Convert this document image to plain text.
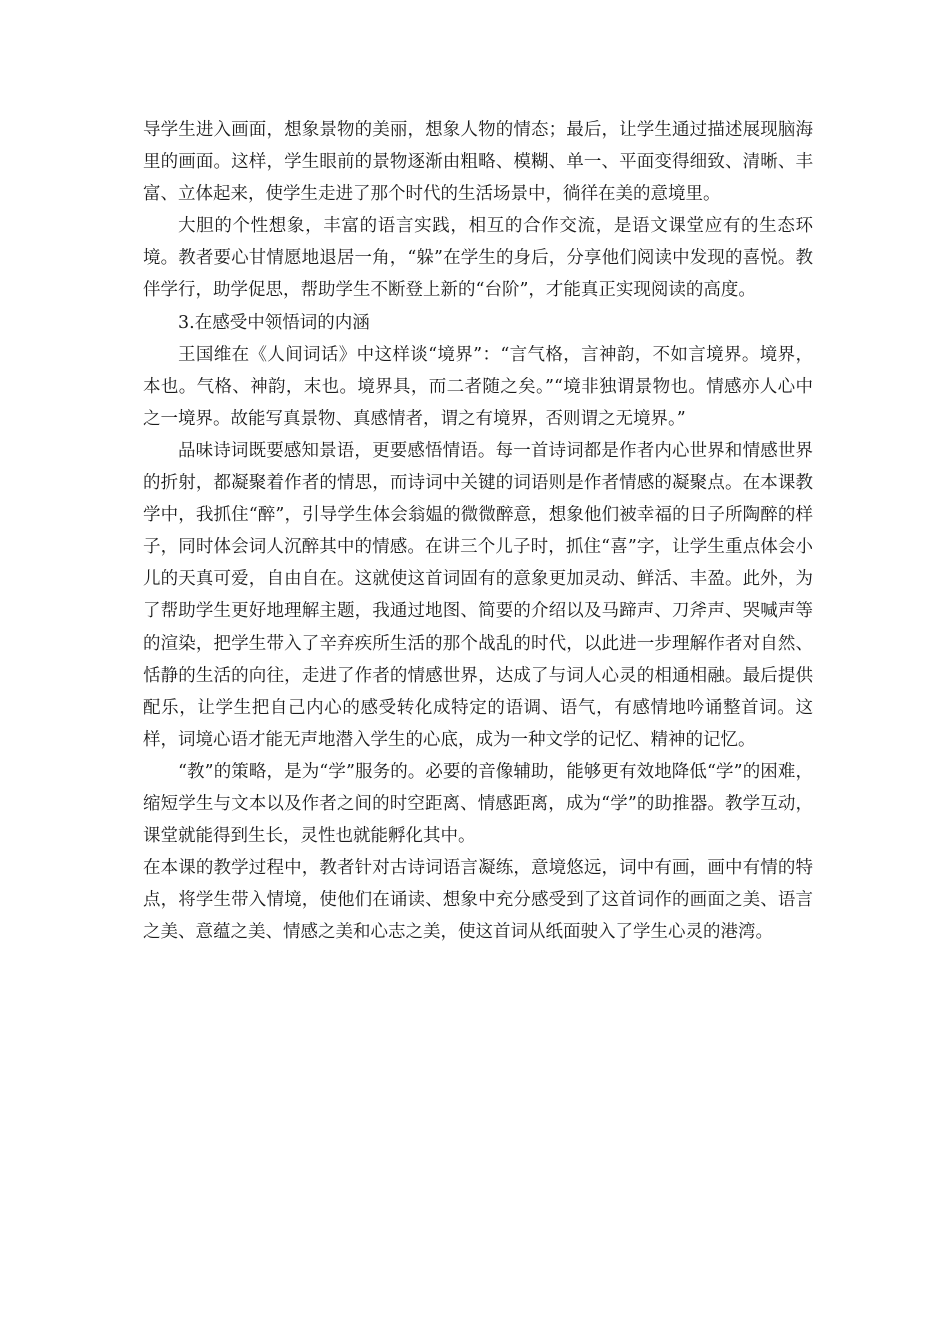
导学生进入画面，想象景物的美丽，想象人物的情态；最后，让学生通过描述展现脑海里的画面。这样，学生眼前的景物逐渐由粗略、模糊、单一、平面变得细致、清晰、丰富、立体起来，使学生走进了那个时代的生活场景中，徜徉在美的意境里。

大胆的个性想象，丰富的语言实践，相互的合作交流，是语文课堂应有的生态环境。教者要心甘情愿地退居一角，“躲”在学生的身后，分享他们阅读中发现的喜悦。教伴学行，助学促思，帮助学生不断登上新的“台阶”，才能真正实现阅读的高度。

3.在感受中领悟词的内涵

王国维在《人间词话》中这样谈“境界”：“言气格，言神韵，不如言境界。境界，本也。气格、神韵，末也。境界具，而二者随之矣。”“境非独谓景物也。情感亦人心中之一境界。故能写真景物、真感情者，谓之有境界，否则谓之无境界。”

品味诗词既要感知景语，更要感悟情语。每一首诗词都是作者内心世界和情感世界的折射，都凝聚着作者的情思，而诗词中关键的词语则是作者情感的凝聚点。在本课教学中，我抓住“醉”，引导学生体会翁媪的微微醉意，想象他们被幸福的日子所陶醉的样子，同时体会词人沉醉其中的情感。在讲三个儿子时，抓住“喜”字，让学生重点体会小儿的天真可爱，自由自在。这就使这首词固有的意象更加灵动、鲜活、丰盈。此外，为了帮助学生更好地理解主题，我通过地图、简要的介绍以及马蹄声、刀斧声、哭喊声等的渲染，把学生带入了辛弃疾所生活的那个战乱的时代，以此进一步理解作者对自然、恬静的生活的向往，走进了作者的情感世界，达成了与词人心灵的相通相融。最后提供配乐，让学生把自己内心的感受转化成特定的语调、语气，有感情地吟诵整首词。这样，词境心语才能无声地潜入学生的心底，成为一种文学的记忆、精神的记忆。

“教”的策略，是为“学”服务的。必要的音像辅助，能够更有效地降低“学”的困难，缩短学生与文本以及作者之间的时空距离、情感距离，成为“学”的助推器。教学互动，课堂就能得到生长，灵性也就能孵化其中。

在本课的教学过程中，教者针对古诗词语言凝练，意境悠远，词中有画，画中有情的特点，将学生带入情境，使他们在诵读、想象中充分感受到了这首词作的画面之美、语言之美、意蕴之美、情感之美和心志之美，使这首词从纸面驶入了学生心灵的港湾。
